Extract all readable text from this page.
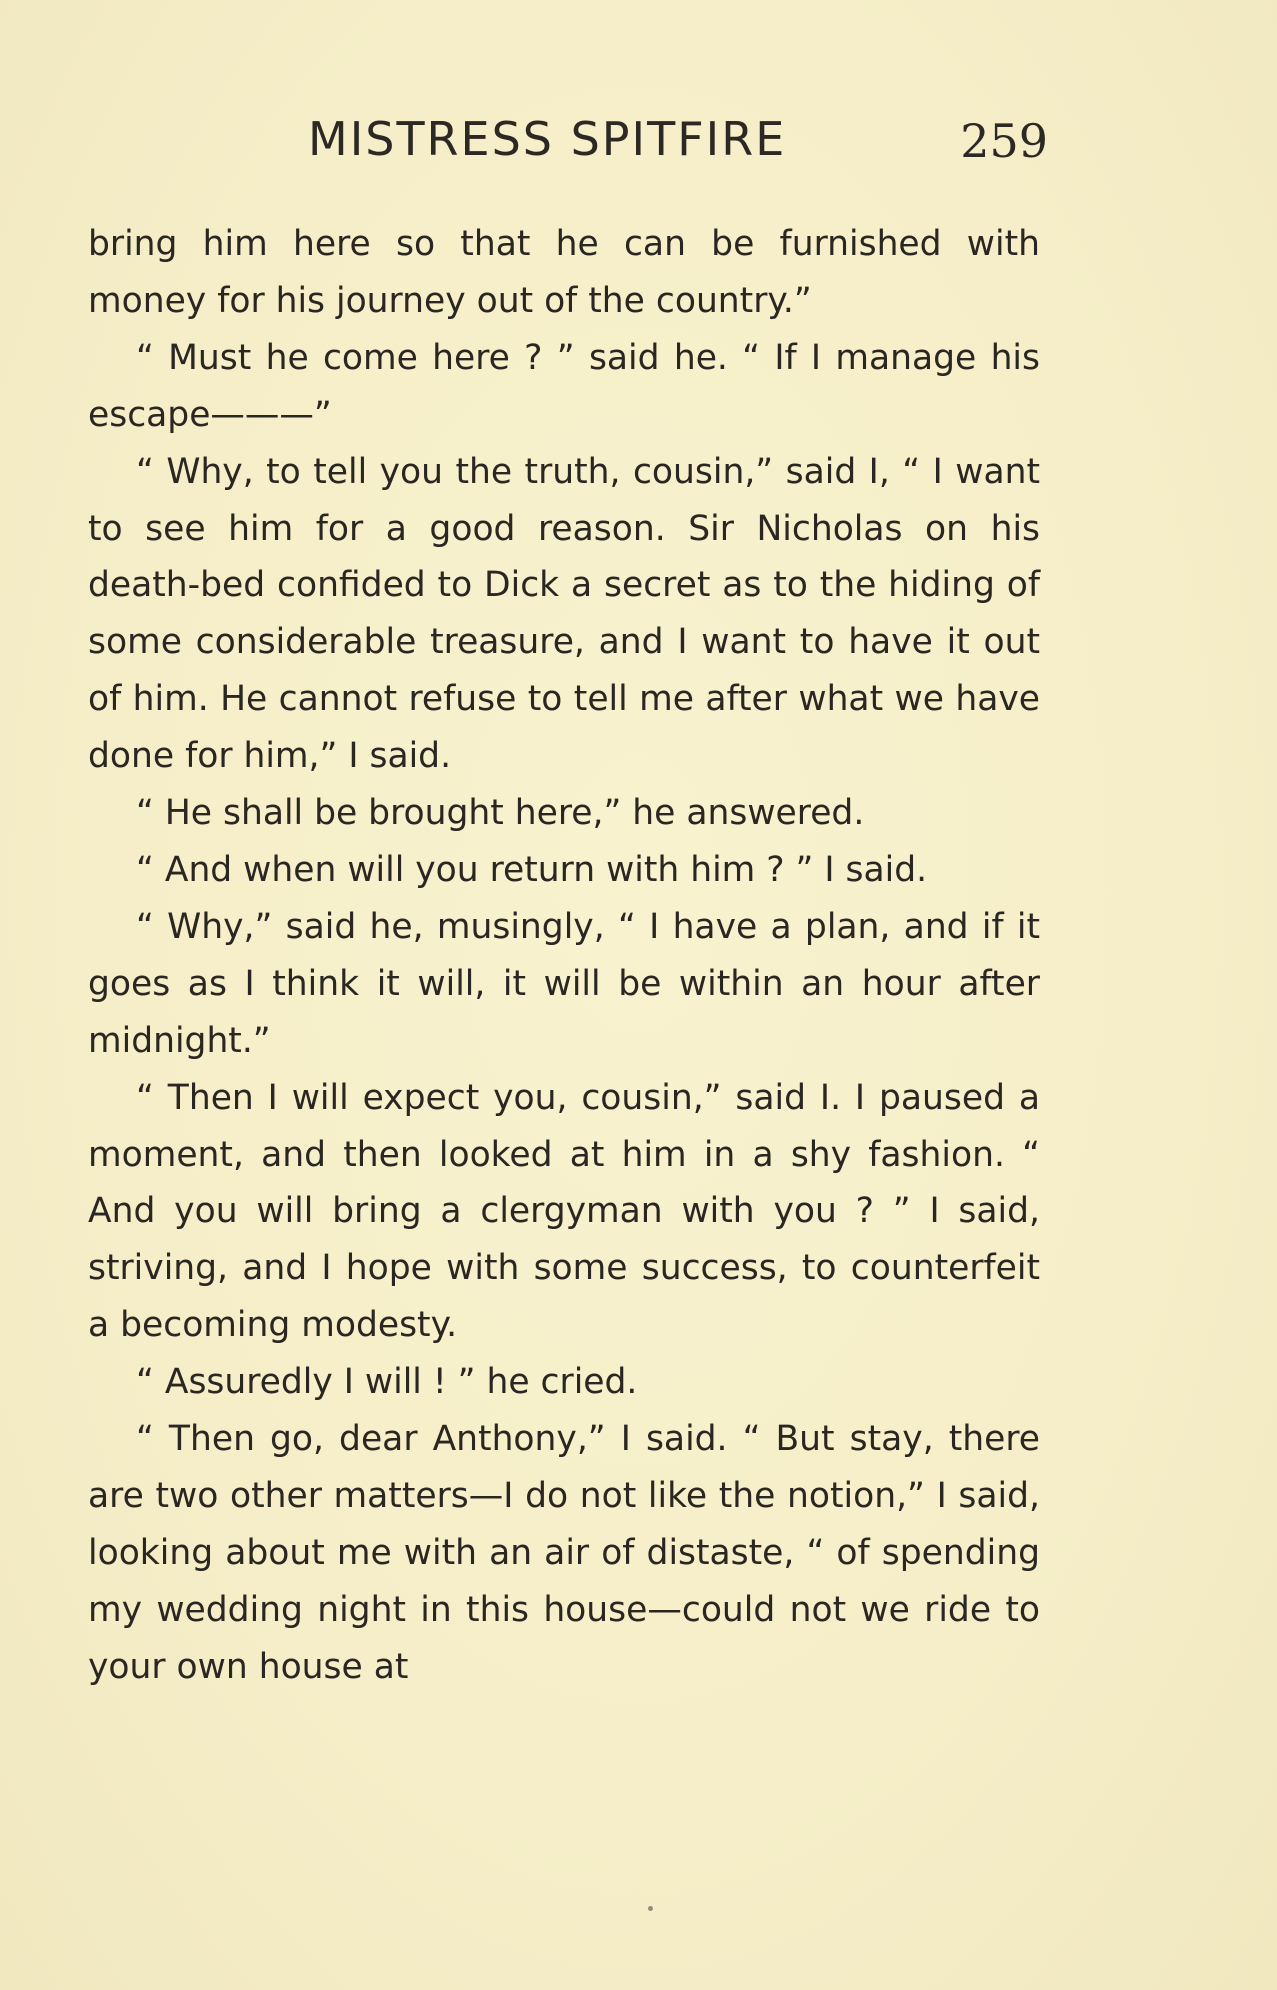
MISTRESS SPITFIRE	259

bring him here so that he can be furnished with money for his journey out of the country.”

“ Must he come here ? ” said he. “ If I manage his escape———”

“ Why, to tell you the truth, cousin,” said I, “ I want to see him for a good reason. Sir Nicholas on his death-bed confided to Dick a secret as to the hiding of some considerable treasure, and I want to have it out of him. He cannot refuse to tell me after what we have done for him,” I said.

“ He shall be brought here,” he answered.

“ And when will you return with him ? ” I said.

“ Why,” said he, musingly, “ I have a plan, and if it goes as I think it will, it will be within an hour after midnight.”

“ Then I will expect you, cousin,” said I. I paused a moment, and then looked at him in a shy fashion. “ And you will bring a clergyman with you ? ” I said, striving, and I hope with some success, to counterfeit a becoming modesty.

“ Assuredly I will ! ” he cried.

“ Then go, dear Anthony,” I said. “ But stay, there are two other matters—I do not like the notion,” I said, looking about me with an air of distaste, “ of spending my wedding night in this house—could not we ride to your own house at
